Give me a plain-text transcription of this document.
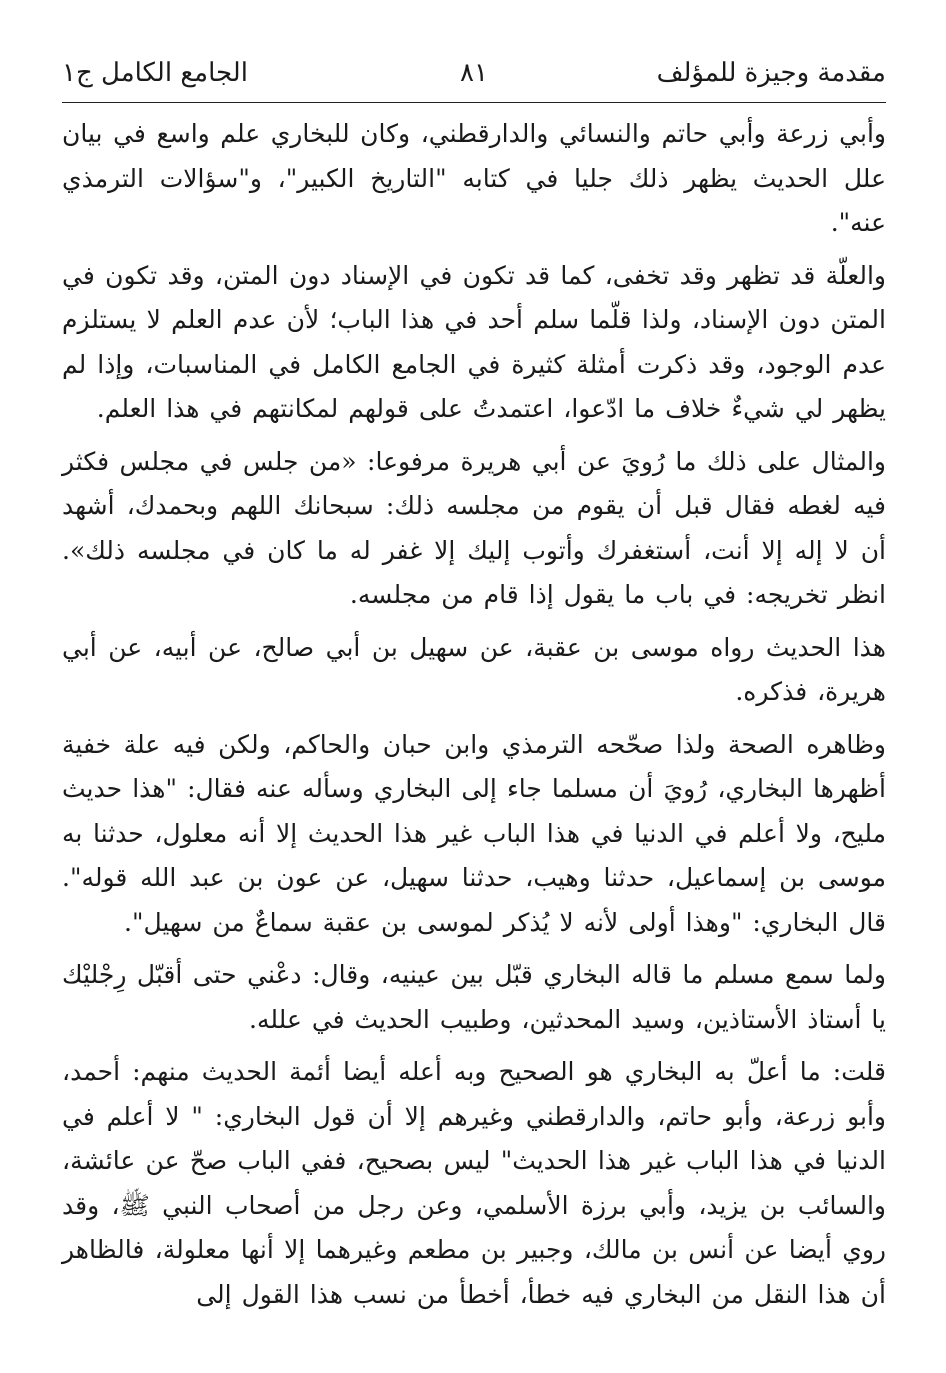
مقدمة وجيزة للمؤلف
٨١
الجامع الكامل ج١

وأبي زرعة وأبي حاتم والنسائي والدارقطني، وكان للبخاري علم واسع في بيان علل الحديث يظهر ذلك جليا في كتابه "التاريخ الكبير"، و"سؤالات الترمذي عنه".

والعلّة قد تظهر وقد تخفى، كما قد تكون في الإسناد دون المتن، وقد تكون في المتن دون الإسناد، ولذا قلّما سلم أحد في هذا الباب؛ لأن عدم العلم لا يستلزم عدم الوجود، وقد ذكرت أمثلة كثيرة في الجامع الكامل في المناسبات، وإذا لم يظهر لي شيءٌ خلاف ما ادّعوا، اعتمدتُ على قولهم لمكانتهم في هذا العلم.

والمثال على ذلك ما رُويَ عن أبي هريرة مرفوعا: «من جلس في مجلس فكثر فيه لغطه فقال قبل أن يقوم من مجلسه ذلك: سبحانك اللهم وبحمدك، أشهد أن لا إله إلا أنت، أستغفرك وأتوب إليك إلا غفر له ما كان في مجلسه ذلك». انظر تخريجه: في باب ما يقول إذا قام من مجلسه.

هذا الحديث رواه موسى بن عقبة، عن سهيل بن أبي صالح، عن أبيه، عن أبي هريرة، فذكره.

وظاهره الصحة ولذا صحّحه الترمذي وابن حبان والحاكم، ولكن فيه علة خفية أظهرها البخاري، رُويَ أن مسلما جاء إلى البخاري وسأله عنه فقال: "هذا حديث مليح، ولا أعلم في الدنيا في هذا الباب غير هذا الحديث إلا أنه معلول، حدثنا به موسى بن إسماعيل، حدثنا وهيب، حدثنا سهيل، عن عون بن عبد الله قوله". قال البخاري: "وهذا أولى لأنه لا يُذكر لموسى بن عقبة سماعٌ من سهيل".

ولما سمع مسلم ما قاله البخاري قبّل بين عينيه، وقال: دعْني حتى أقبّل رِجْليْك يا أستاذ الأستاذين، وسيد المحدثين، وطبيب الحديث في علله.

قلت: ما أعلّ به البخاري هو الصحيح وبه أعله أيضا أئمة الحديث منهم: أحمد، وأبو زرعة، وأبو حاتم، والدارقطني وغيرهم إلا أن قول البخاري: " لا أعلم في الدنيا في هذا الباب غير هذا الحديث" ليس بصحيح، ففي الباب صحّ عن عائشة، والسائب بن يزيد، وأبي برزة الأسلمي، وعن رجل من أصحاب النبي ﷺ، وقد روي أيضا عن أنس بن مالك، وجبير بن مطعم وغيرهما إلا أنها معلولة، فالظاهر أن هذا النقل من البخاري فيه خطأ، أخطأ من نسب هذا القول إلى
